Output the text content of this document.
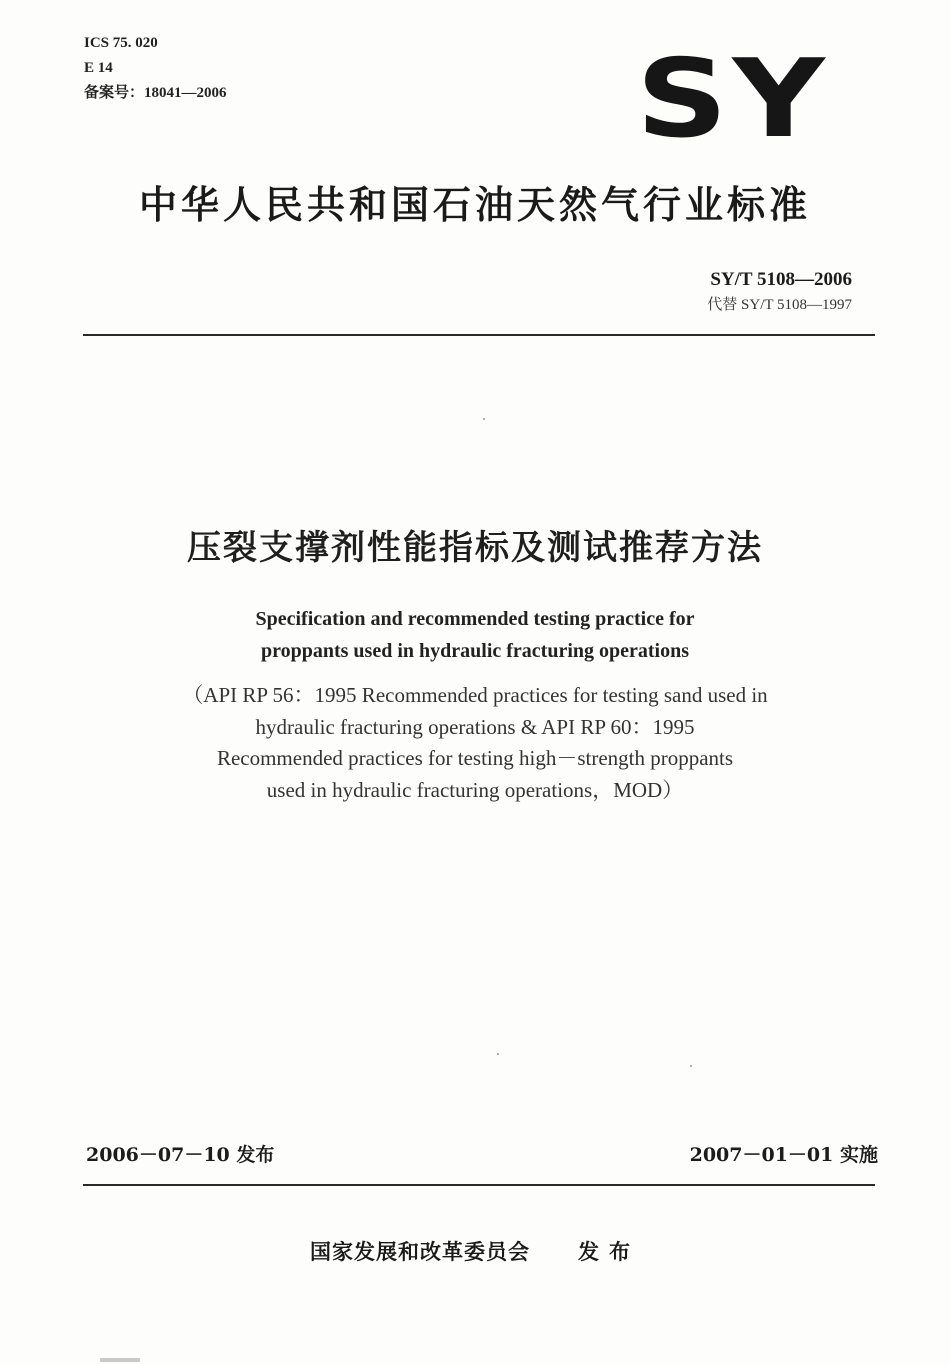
ICS 75. 020
E 14
备案号：18041—2006	SY
中华人民共和国石油天然气行业标准
SY/T 5108—2006
代替 SY/T 5108—1997
压裂支撑剂性能指标及测试推荐方法
Specification and recommended testing practice for
proppants used in hydraulic fracturing operations
（API RP 56：1995 Recommended practices for testing sand used in
hydraulic fracturing operations & API RP 60：1995
Recommended practices for testing high－strength proppants
used in hydraulic fracturing operations，MOD）
2006－07－10 发布	2007－01－01 实施
国家发展和改革委员会 发布
